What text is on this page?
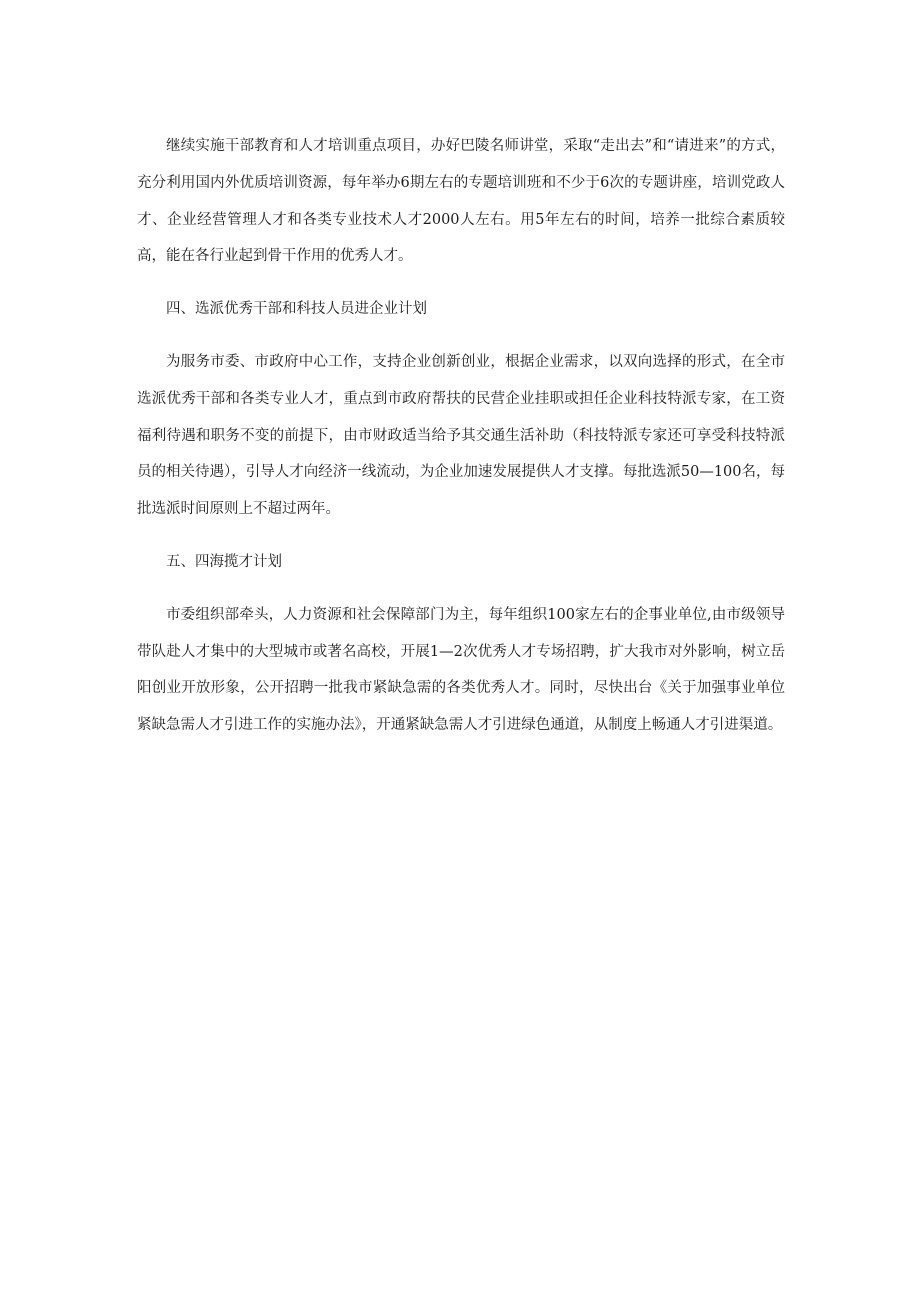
继续实施干部教育和人才培训重点项目，办好巴陵名师讲堂，采取“走出去”和“请进来”的方式，充分利用国内外优质培训资源，每年举办6期左右的专题培训班和不少于6次的专题讲座，培训党政人才、企业经营管理人才和各类专业技术人才2000人左右。用5年左右的时间，培养一批综合素质较高，能在各行业起到骨干作用的优秀人才。

四、选派优秀干部和科技人员进企业计划

为服务市委、市政府中心工作，支持企业创新创业，根据企业需求，以双向选择的形式，在全市选派优秀干部和各类专业人才，重点到市政府帮扶的民营企业挂职或担任企业科技特派专家，在工资福利待遇和职务不变的前提下，由市财政适当给予其交通生活补助（科技特派专家还可享受科技特派员的相关待遇），引导人才向经济一线流动，为企业加速发展提供人才支撑。每批选派50—100名，每批选派时间原则上不超过两年。

五、四海揽才计划

市委组织部牵头，人力资源和社会保障部门为主，每年组织100家左右的企事业单位,由市级领导带队赴人才集中的大型城市或著名高校，开展1—2次优秀人才专场招聘，扩大我市对外影响，树立岳阳创业开放形象，公开招聘一批我市紧缺急需的各类优秀人才。同时，尽快出台《关于加强事业单位紧缺急需人才引进工作的实施办法》，开通紧缺急需人才引进绿色通道，从制度上畅通人才引进渠道。
